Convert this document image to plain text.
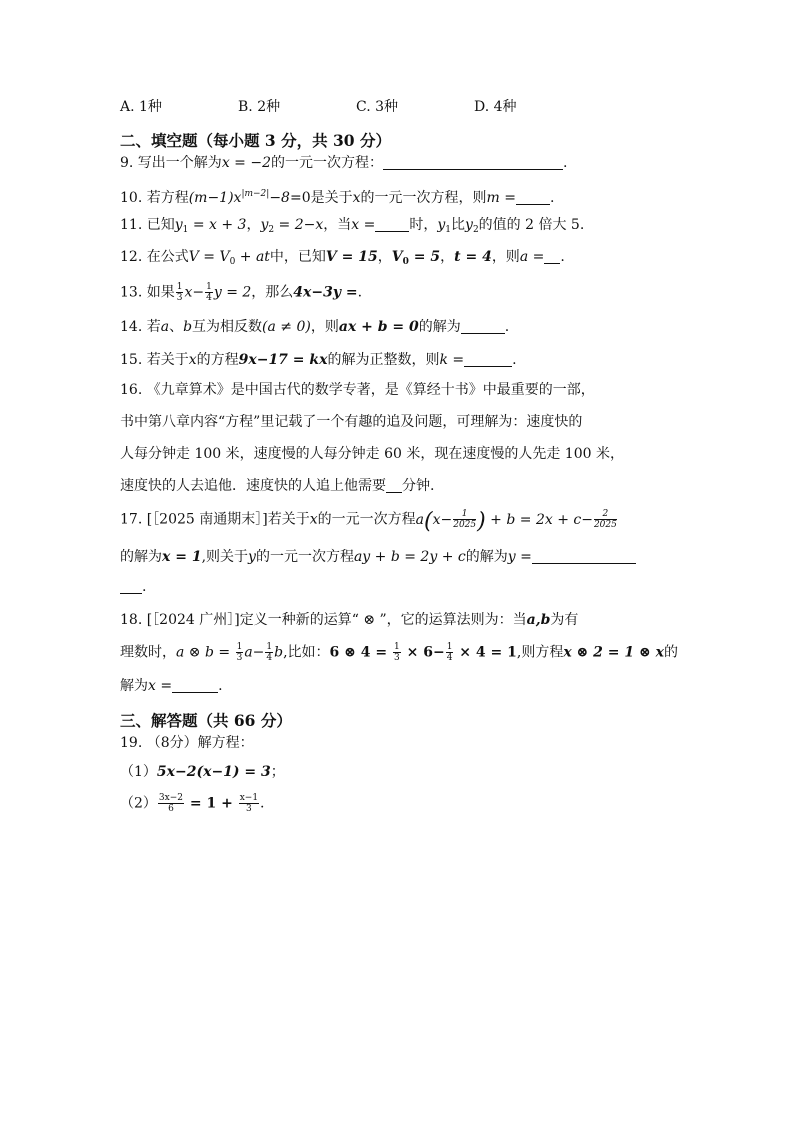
A. 1种	B. 2种	C. 3种	D. 4种
二、填空题（每小题 3 分，共 30 分）
9. 写出一个解为x = −2的一元一次方程：	.
10. 若方程$(m-1)x^{|m-2|}-8=0$是关于x的一元一次方程，则m = .
11. 已知$y_1 = x + 3$，$y_2 = 2-x$，当x = 时，$y_1$比$y_2$的值的 2 倍大 5.
12. 在公式$V = V_0$ + at中，已知V = 15，$V_0 = 5$，t = 4，则a = .
13. 如果 $\frac{1}{3} x- \frac{1}{4}$ y = 2，那么4x−3y =.
14. 若a、b互为相反数(a ≠ 0)，则ax + b = 0的解为	.
15. 若关于x的方程9x−17 = kx的解为正整数，则k =	.
16. 《九章算术》是中国古代的数学专著，是《算经十书》中最重要的一部，
书中第八章内容“方程”里记载了一个有趣的追及问题，可理解为：速度快的
人每分钟走 100 米，速度慢的人每分钟走 60 米，现在速度慢的人先走 100 米，
速度快的人去追他．速度快的人追上他需要 分钟.
17. [［2025 南通期末］]若关于x的一元一次方程$a(x- \frac{1}{2025}$ ) + $b = 2x + c- \frac{2}{2025}$
的解为x = 1,则关于y的一元一次方程ay + b = 2y + c的解为y =
.
18. [［2024 广州］]定义一种新的运算“ ⊗ ”，它的运算法则为：当a,b为有
理数时，a ⊗ $b = \frac{1}{3} a- \frac{1}{4} b$,比如：6 ⊗ $4 = \frac{1}{3} \times 6- \frac{1}{4} \times 4 = 1$,则方程x ⊗ 2 = 1 ⊗ x的
解为x =	.
三、解答题（共 66 分）
19. （8分）解方程：
（1）5x−2(x−1) = 3；
$(2) \frac{3x-2}{6} = 1 + \frac{x-1}{3}$ .
